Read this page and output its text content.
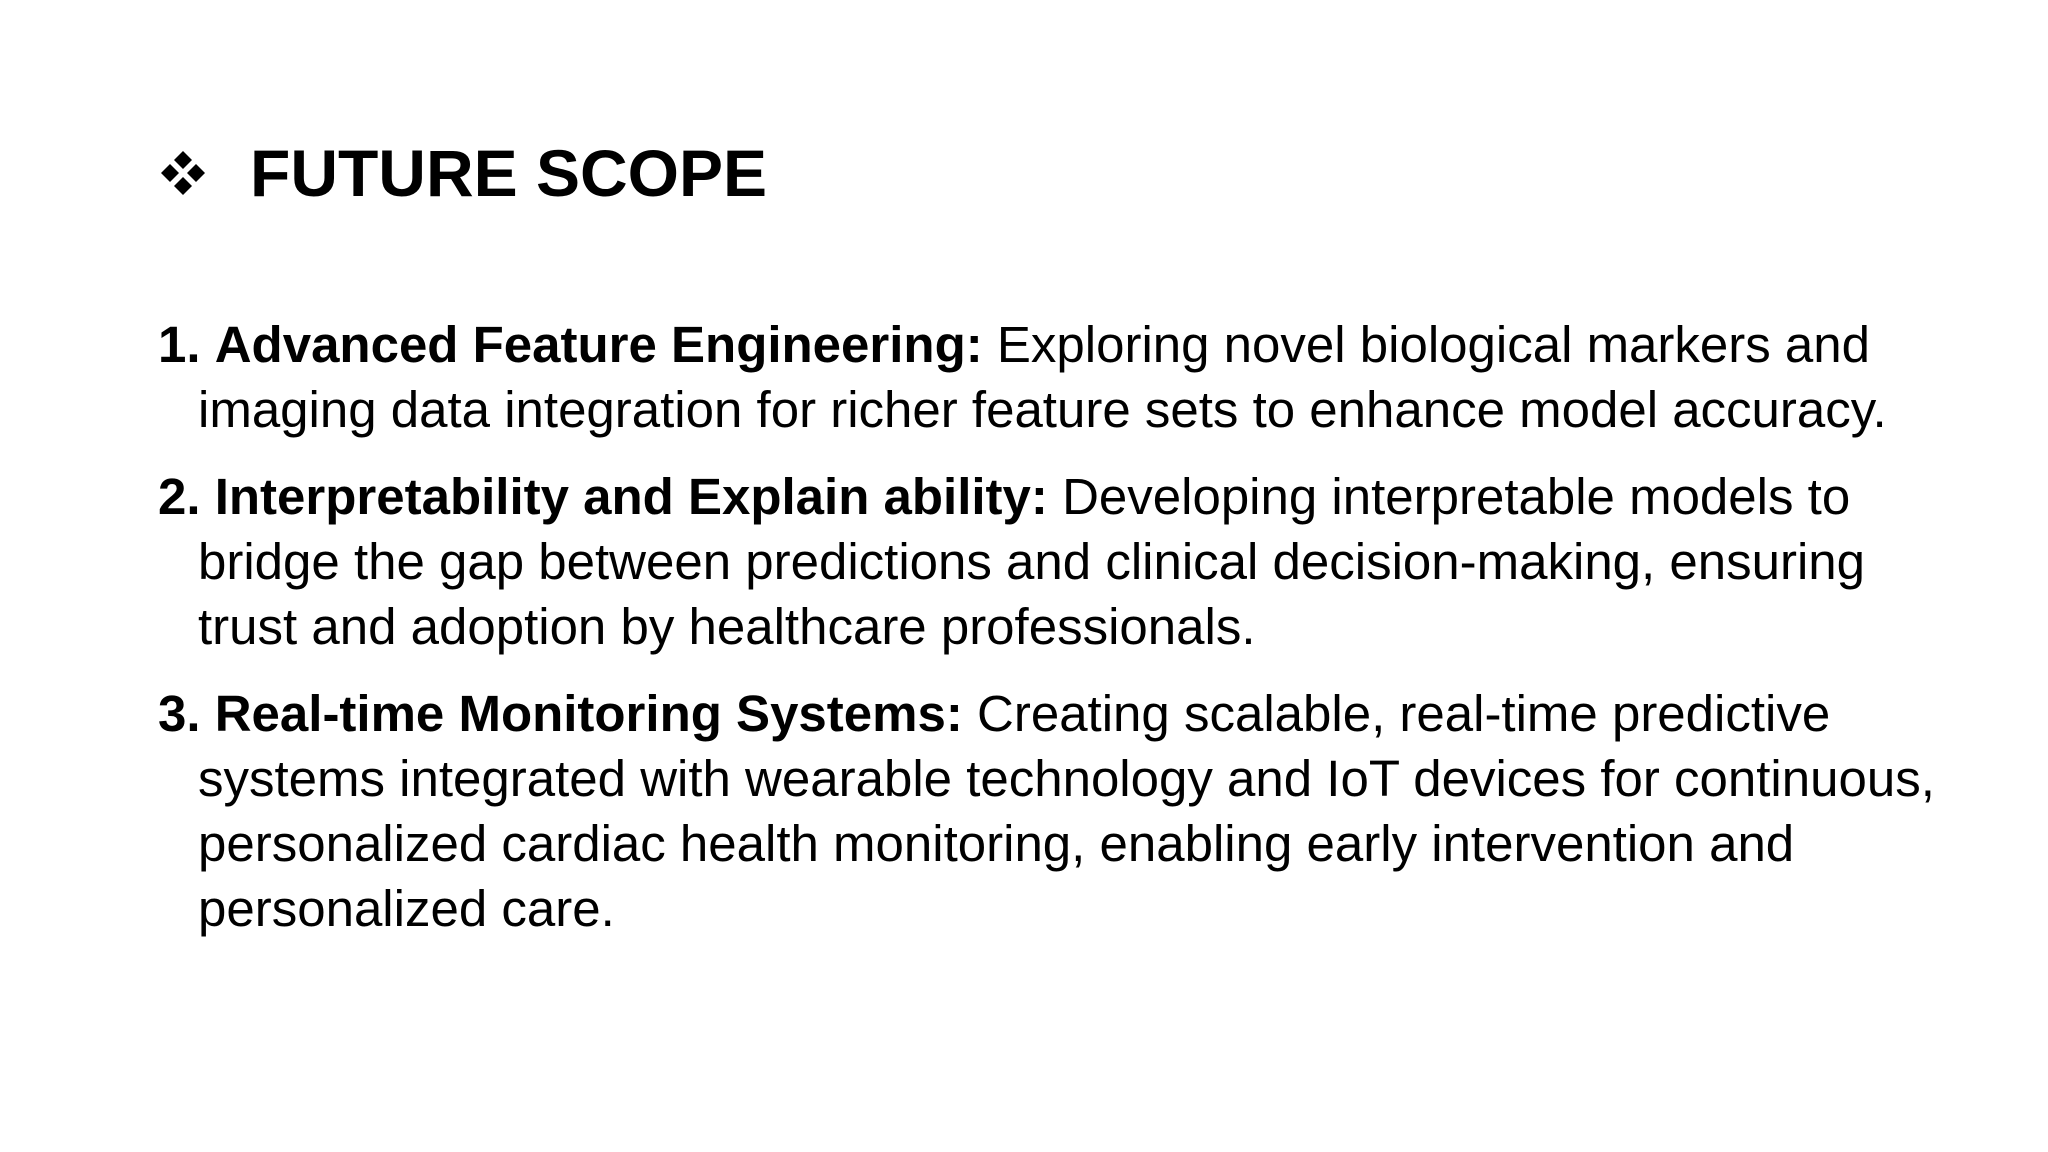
FUTURE SCOPE
1. Advanced Feature Engineering: Exploring novel biological markers and imaging data integration for richer feature sets to enhance model accuracy.
2. Interpretability and Explain ability: Developing interpretable models to bridge the gap between predictions and clinical decision-making, ensuring trust and adoption by healthcare professionals.
3. Real-time Monitoring Systems: Creating scalable, real-time predictive systems integrated with wearable technology and IoT devices for continuous, personalized cardiac health monitoring, enabling early intervention and personalized care.
